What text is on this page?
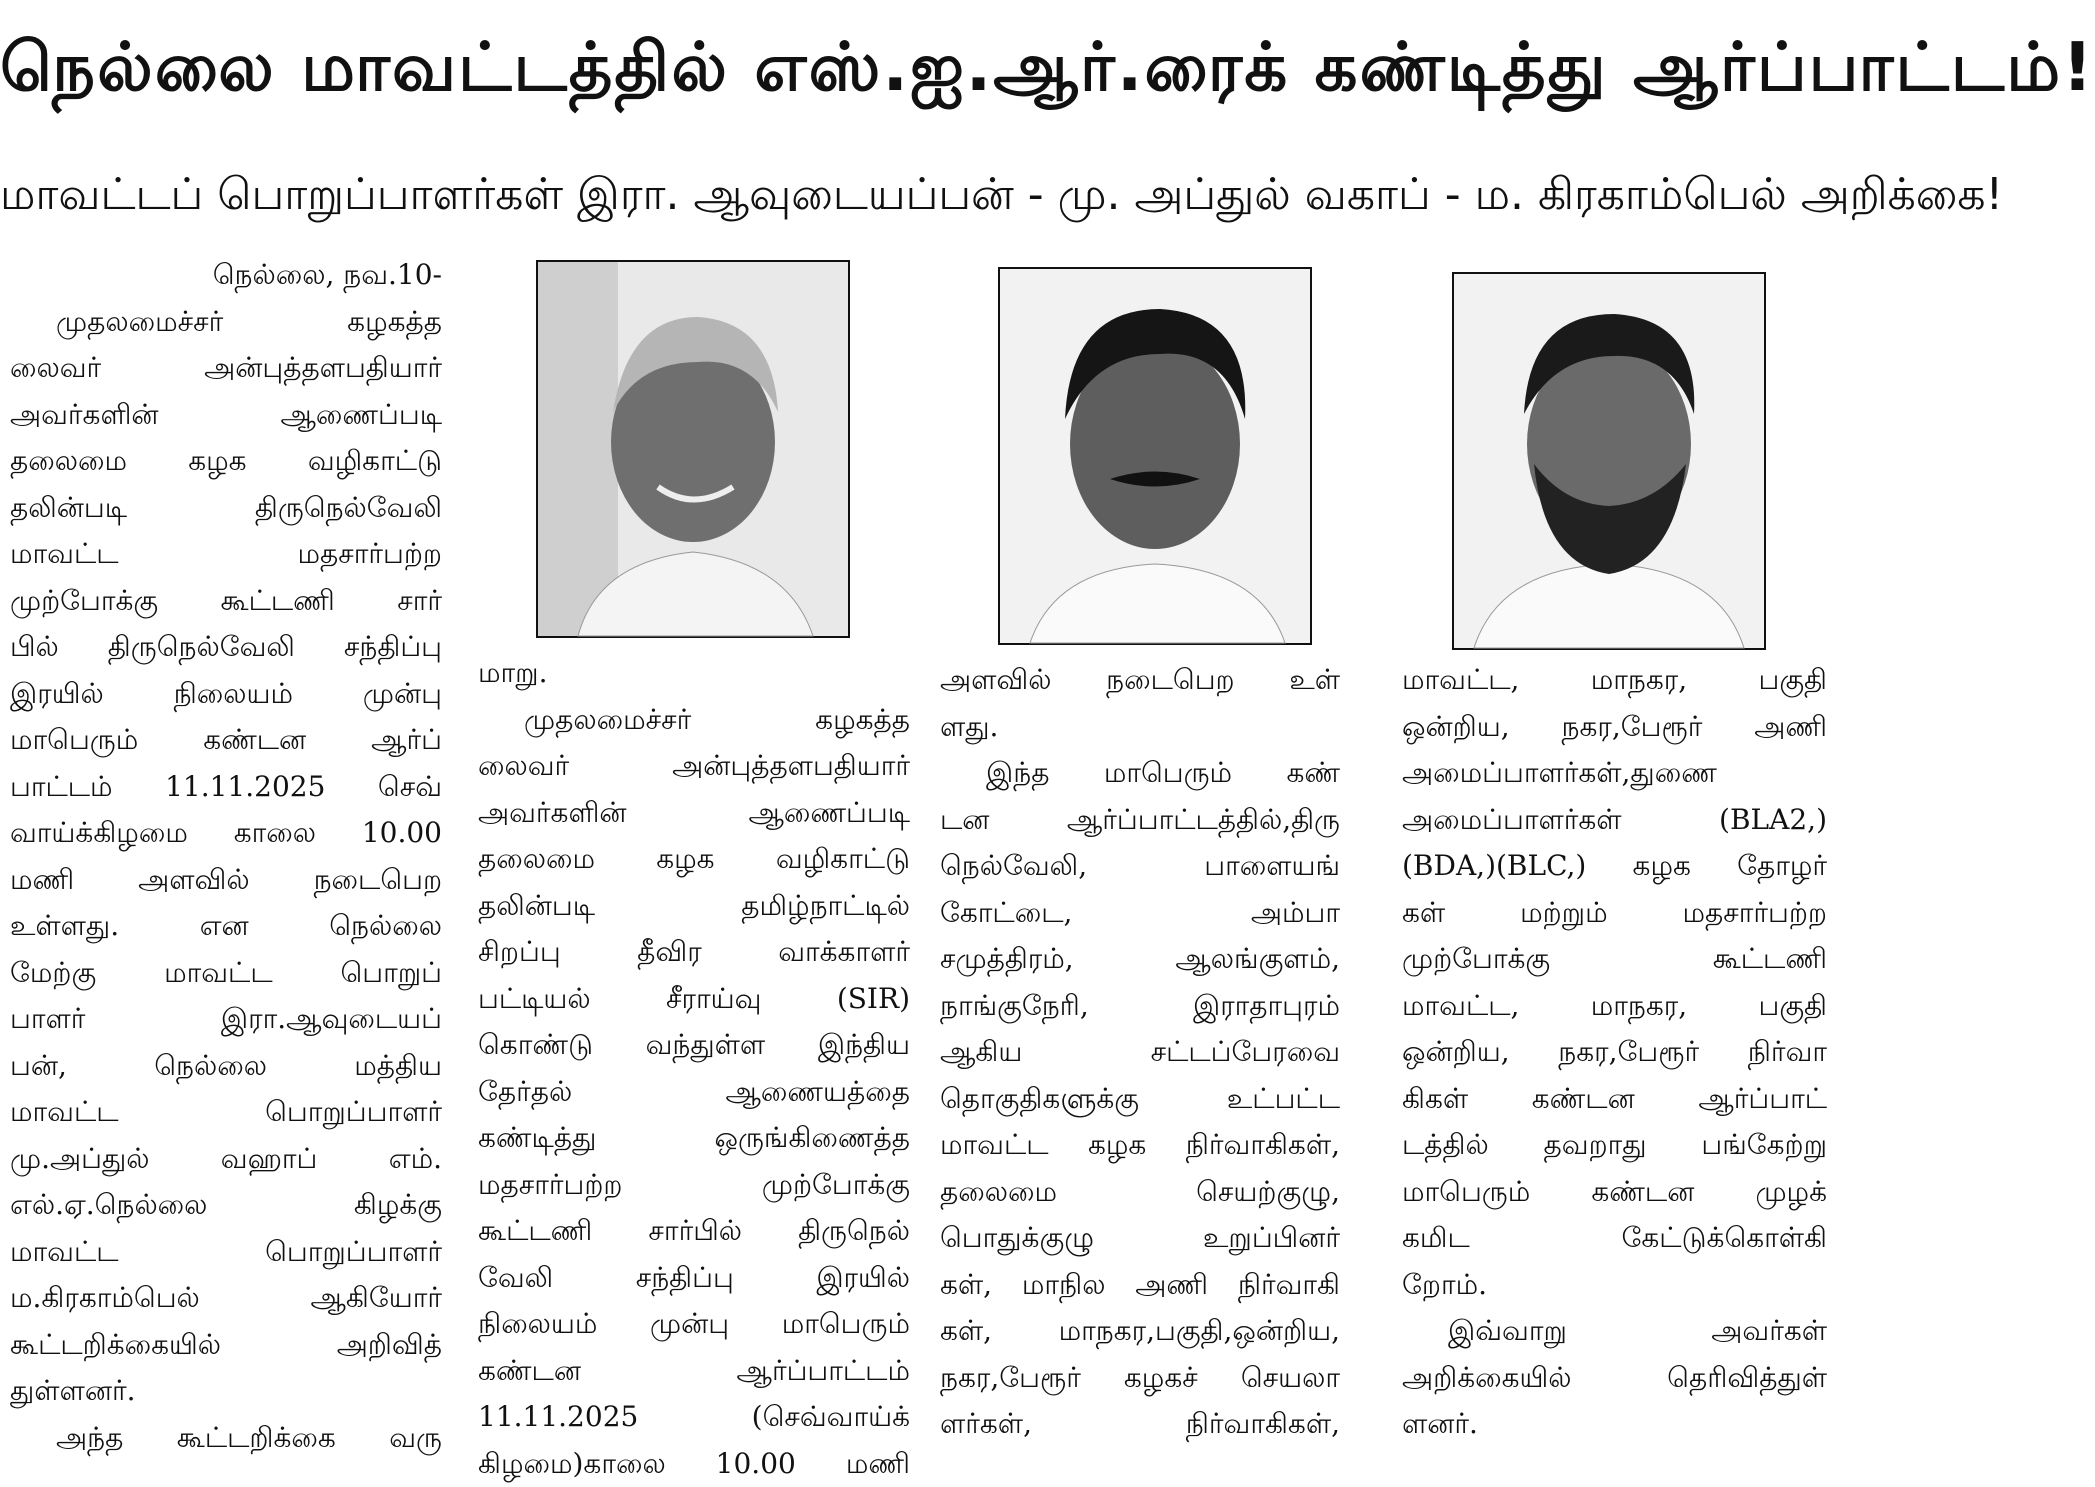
நெல்லை மாவட்டத்தில் எஸ்.ஐ.ஆர்.ரைக் கண்டித்து ஆர்ப்பாட்டம்!
மாவட்டப் பொறுப்பாளர்கள் இரா. ஆவுடையப்பன் - மு. அப்துல் வகாப் - ம. கிரகாம்பெல் அறிக்கை!

நெல்லை, நவ.10-

முதலமைச்சர் கழகத்த

லைவர் அன்புத்தளபதியார்

அவர்களின் ஆணைப்படி

தலைமை கழக வழிகாட்டு

தலின்படி திருநெல்வேலி

மாவட்ட மதசார்பற்ற

முற்போக்கு கூட்டணி சார்

பில் திருநெல்வேலி சந்திப்பு

இரயில் நிலையம் முன்பு

மாபெரும் கண்டன ஆர்ப்

பாட்டம் 11.11.2025 செவ்

வாய்க்கிழமை காலை 10.00

மணி அளவில் நடைபெற

உள்ளது. என நெல்லை

மேற்கு மாவட்ட பொறுப்

பாளர் இரா.ஆவுடையப்

பன், நெல்லை மத்திய

மாவட்ட பொறுப்பாளர்

மு.அப்துல் வஹாப் எம்.

எல்.ஏ.நெல்லை கிழக்கு

மாவட்ட பொறுப்பாளர்

ம.கிரகாம்பெல் ஆகியோர்

கூட்டறிக்கையில் அறிவித்

துள்ளனர்.

அந்த கூட்டறிக்கை வரு

மாறு.

முதலமைச்சர் கழகத்த

லைவர் அன்புத்தளபதியார்

அவர்களின் ஆணைப்படி

தலைமை கழக வழிகாட்டு

தலின்படி தமிழ்நாட்டில்

சிறப்பு தீவிர வாக்காளர்

பட்டியல் சீராய்வு (SIR)

கொண்டு வந்துள்ள இந்திய

தேர்தல் ஆணையத்தை

கண்டித்து ஒருங்கிணைத்த

மதசார்பற்ற முற்போக்கு

கூட்டணி சார்பில் திருநெல்

வேலி சந்திப்பு இரயில்

நிலையம் முன்பு மாபெரும்

கண்டன ஆர்ப்பாட்டம்

11.11.2025 (செவ்வாய்க்

கிழமை)காலை 10.00 மணி

அளவில் நடைபெற உள்

ளது.

இந்த மாபெரும் கண்

டன ஆர்ப்பாட்டத்தில்,திரு

நெல்வேலி, பாளையங்

கோட்டை, அம்பா

சமுத்திரம், ஆலங்குளம்,

நாங்குநேரி, இராதாபுரம்

ஆகிய சட்டப்பேரவை

தொகுதிகளுக்கு உட்பட்ட

மாவட்ட கழக நிர்வாகிகள்,

தலைமை செயற்குழு,

பொதுக்குழு உறுப்பினர்

கள், மாநில அணி நிர்வாகி

கள், மாநகர,பகுதி,ஒன்றிய,

நகர,பேரூர் கழகச் செயலா

ளர்கள், நிர்வாகிகள்,

மாவட்ட, மாநகர, பகுதி

ஒன்றிய, நகர,பேரூர் அணி

அமைப்பாளர்கள்,துணை

அமைப்பாளர்கள் (BLA2,)

(BDA,)(BLC,) கழக தோழர்

கள் மற்றும் மதசார்பற்ற

முற்போக்கு கூட்டணி

மாவட்ட, மாநகர, பகுதி

ஒன்றிய, நகர,பேரூர் நிர்வா

கிகள் கண்டன ஆர்ப்பாட்

டத்தில் தவறாது பங்கேற்று

மாபெரும் கண்டன முழக்

கமிட கேட்டுக்கொள்கி

றோம்.

இவ்வாறு அவர்கள்

அறிக்கையில் தெரிவித்துள்

ளனர்.
